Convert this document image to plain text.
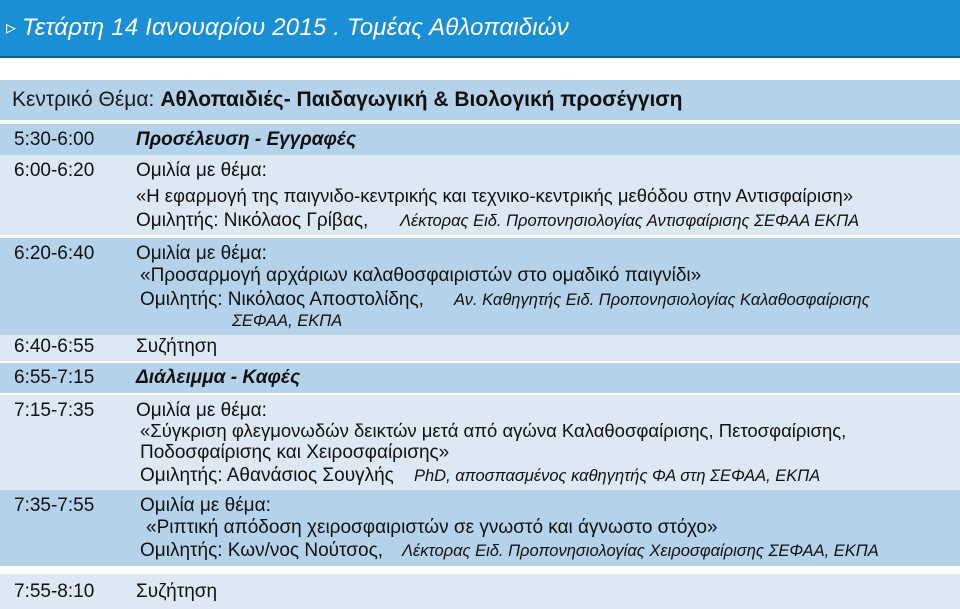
▹ Τετάρτη 14 Ιανουαρίου 2015 . Τομέας Αθλοπαιδιών
Κεντρικό Θέμα: Αθλοπαιδιές- Παιδαγωγική & Βιολογική προσέγγιση
5:30-6:00 Προσέλευση - Εγγραφές
6:00-6:20 Ομιλία με θέμα:
«Η εφαρμογή της παιγνιδο-κεντρικής και τεχνικο-κεντρικής μεθόδου στην Αντισφαίριση»
Ομιλητής: Νικόλαος Γρίβας, Λέκτορας Ειδ. Προπονησιολογίας Αντισφαίρισης ΣΕΦΑΑ ΕΚΠΑ
6:20-6:40 Ομιλία με θέμα:
«Προσαρμογή αρχάριων καλαθοσφαιριστών στο ομαδικό παιγνίδι»
Ομιλητής: Νικόλαος Αποστολίδης, Αν. Καθηγητής Ειδ. Προπονησιολογίας Καλαθοσφαίρισης
ΣΕΦΑΑ, ΕΚΠΑ
6:40-6:55 Συζήτηση
6:55-7:15 Διάλειμμα - Καφές
7:15-7:35 Ομιλία με θέμα:
«Σύγκριση φλεγμονωδών δεικτών μετά από αγώνα Καλαθοσφαίρισης, Πετοσφαίρισης,
Ποδοσφαίρισης και Χειροσφαίρισης»
Ομιλητής: Αθανάσιος Σουγλής PhD, αποσπασμένος καθηγητής ΦΑ στη ΣΕΦΑΑ, ΕΚΠΑ
7:35-7:55 Ομιλία με θέμα:
«Ριπτική απόδοση χειροσφαιριστών σε γνωστό και άγνωστο στόχο»
Ομιλητής: Κων/νος Νούτσος, Λέκτορας Ειδ. Προπονησιολογίας Χειροσφαίρισης ΣΕΦΑΑ, ΕΚΠΑ
7:55-8:10 Συζήτηση
